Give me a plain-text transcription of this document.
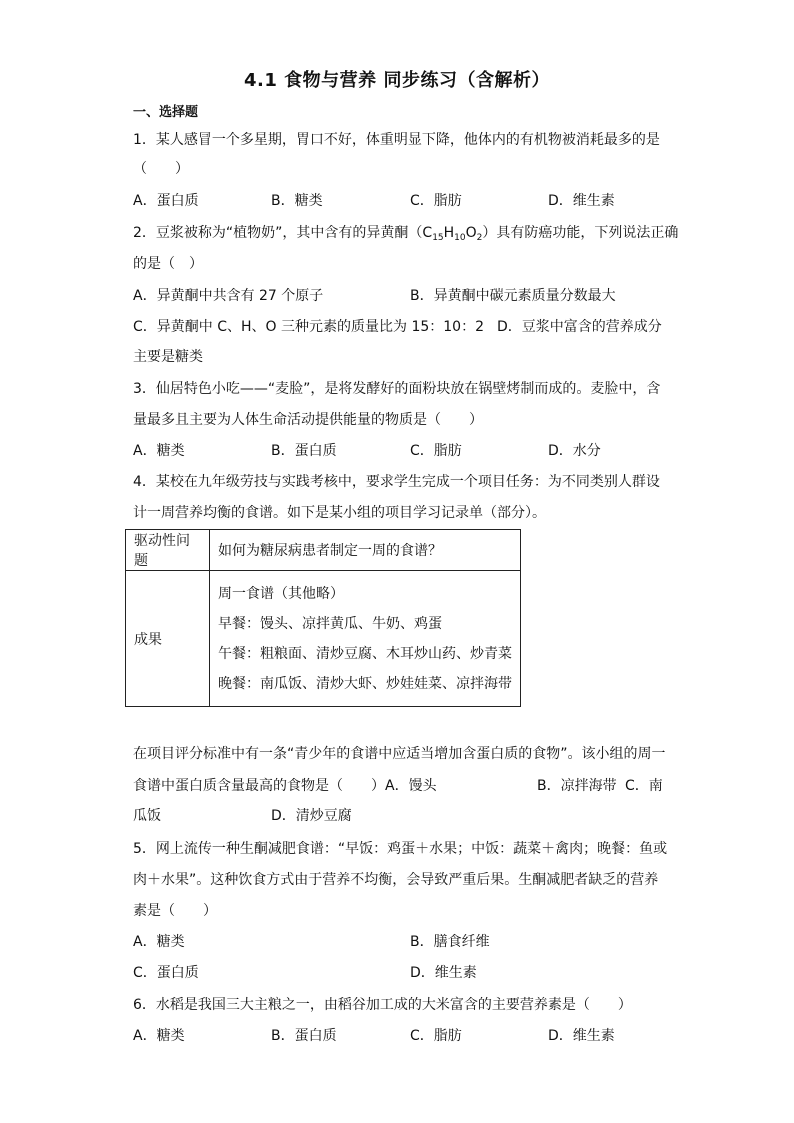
4.1 食物与营养 同步练习（含解析）
一、选择题
1．某人感冒一个多星期，胃口不好，体重明显下降，他体内的有机物被消耗最多的是
（　　）
A．蛋白质	B．糖类	C．脂肪	D．维生素
2．豆浆被称为“植物奶”，其中含有的异黄酮$(C_{15}H_{10}O_2)$具有防癌功能，下列说法正确
的是（　）
A．异黄酮中共含有 27 个原子	B．异黄酮中碳元素质量分数最大
C．异黄酮中 C、H、O 三种元素的质量比为 15：10：2 D．豆浆中富含的营养成分
主要是糖类
3．仙居特色小吃——“麦脸”，是将发酵好的面粉块放在锅壁烤制而成的。麦脸中，含
量最多且主要为人体生命活动提供能量的物质是（　　）
A．糖类	B．蛋白质	C．脂肪	D．水分
4．某校在九年级劳技与实践考核中，要求学生完成一个项目任务：为不同类别人群设
计一周营养均衡的食谱。如下是某小组的项目学习记录单（部分）。
驱动性问题	如何为糖尿病患者制定一周的食谱？
成果	周一食谱（其他略）
早餐：馒头、凉拌黄瓜、牛奶、鸡蛋
午餐：粗粮面、清炒豆腐、木耳炒山药、炒青菜
晚餐：南瓜饭、清炒大虾、炒娃娃菜、凉拌海带
在项目评分标准中有一条“青少年的食谱中应适当增加含蛋白质的食物”。该小组的周一
食谱中蛋白质含量最高的食物是（　　）A．馒头	B．凉拌海带 C．南
瓜饭	D．清炒豆腐
5．网上流传一种生酮减肥食谱：“早饭：鸡蛋＋水果；中饭：蔬菜＋禽肉；晚餐：鱼或
肉＋水果”。这种饮食方式由于营养不均衡，会导致严重后果。生酮减肥者缺乏的营养
素是（　　）
A．糖类	B．膳食纤维
C．蛋白质	D．维生素
6．水稻是我国三大主粮之一，由稻谷加工成的大米富含的主要营养素是（　　）
A．糖类	B．蛋白质	C．脂肪	D．维生素
